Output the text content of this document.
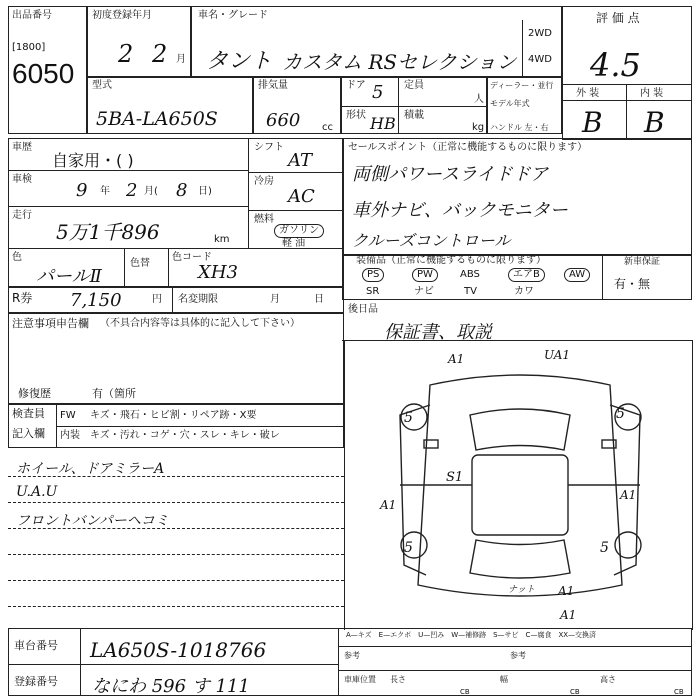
出品番号
[1800]
6050
初度登録年月
2 2 月
車名・グレード
タント カスタム RSセレクション
2WD
4WD
評 価 点
4.5
外 装	内 装
B B
型式
5BA-LA650S
排気量
660 cc
ドア 5 定員
人
形状 HB 積載
kg
ディーラー・並行
モデル年式
ハンドル 左・右
車歴
自家用・( )
車検
9 年 2 月( 8 日)
走行
5万1千896	km
色
パールⅡ
色替
色コード
XH3
シフト
AT
冷房
AC
燃料
ガソリン
軽 油
セールスポイント（正常に機能するものに限ります）
両側パワースライドドア
車外ナビ、バックモニター
クルーズコントロール
装備品（正常に機能するものに限ります）	新車保証
有・無
PS	PW	ABS	エアB	AW
SR	ナビ	TV	カワ
R券 7,150	円 名変期限	月	日
注意事項申告欄 （不具合内容等は具体的に記入して下さい）
修復歴	有（箇所
後日品
保証書、取説
検査員
記入欄
FW キズ・飛石・ヒビ割・リペア跡・X要
内装 キズ・汚れ・コゲ・穴・スレ・キレ・破レ
ホイール、ドアミラーA
U.A.U
フロントバンパーヘコミ
A1	UA1
S1
A1
A1
A1
A1
5	5
5	5
ナット
A—キズ　E—エクボ　U—凹み　W—補修跡　S—サビ　C—腐食　XX—交換済
車台番号 LA650S-1018766
登録番号 なにわ 596 す 111
参考	参考
車庫位置 長さ	幅	高さ
CB	CB	CB
